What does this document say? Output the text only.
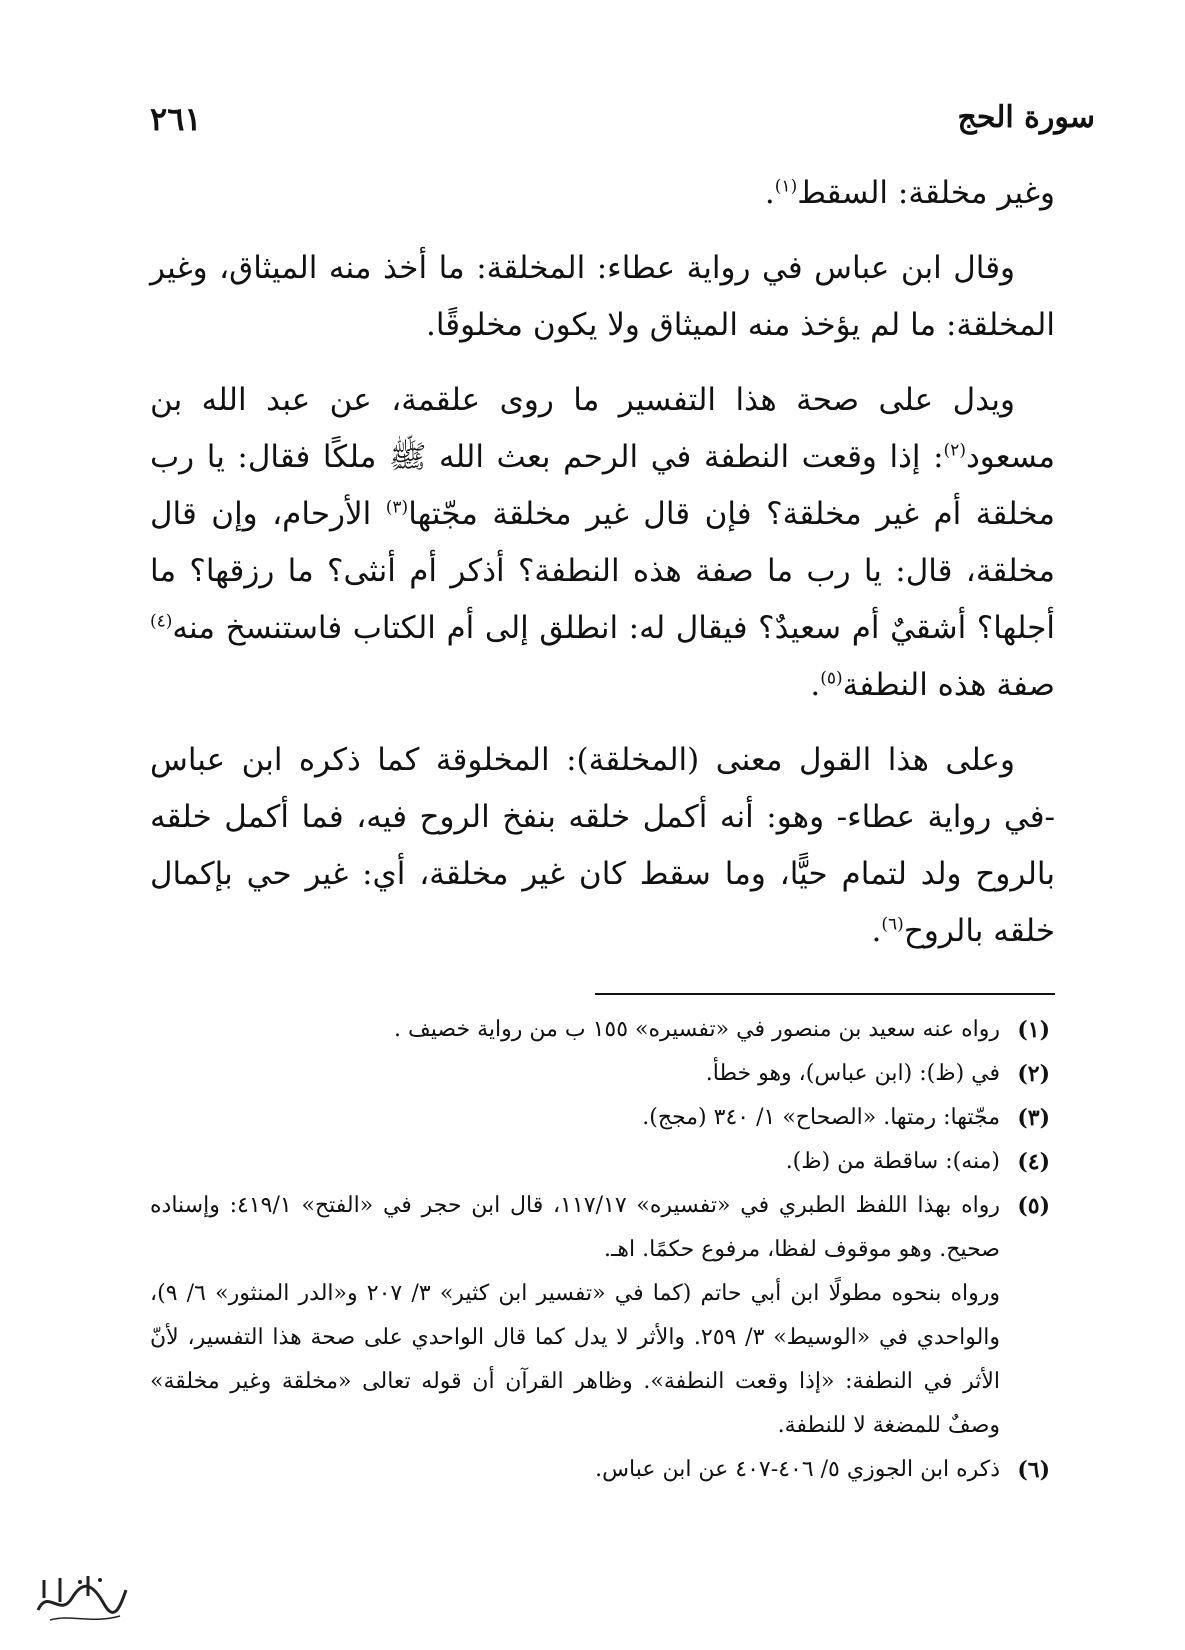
سورة الحج
٢٦١

وغير مخلقة: السقط$^{(١)}$.

وقال ابن عباس في رواية عطاء: المخلقة: ما أخذ منه الميثاق، وغير المخلقة: ما لم يؤخذ منه الميثاق ولا يكون مخلوقًا.

ويدل على صحة هذا التفسير ما روى علقمة، عن عبد الله بن مسعود$^{(٢)}$: إذا وقعت النطفة في الرحم بعث الله ﷺ ملكًا فقال: يا رب مخلقة أم غير مخلقة؟ فإن قال غير مخلقة مجّتها$^{(٣)}$ الأرحام، وإن قال مخلقة، قال: يا رب ما صفة هذه النطفة؟ أذكر أم أنثى؟ ما رزقها؟ ما أجلها؟ أشقيٌ أم سعيدٌ؟ فيقال له: انطلق إلى أم الكتاب فاستنسخ منه$^{(٤)}$ صفة هذه النطفة$^{(٥)}$.

وعلى هذا القول معنى (المخلقة): المخلوقة كما ذكره ابن عباس -في رواية عطاء- وهو: أنه أكمل خلقه بنفخ الروح فيه، فما أكمل خلقه بالروح ولد لتمام حيًّا، وما سقط كان غير مخلقة، أي: غير حي بإكمال خلقه بالروح$^{(٦)}$.

(١)

رواه عنه سعيد بن منصور في «تفسيره» ١٥٥ ب من رواية خصيف .

(٢)

في (ظ): (ابن عباس)، وهو خطأ.

(٣)

مجّتها: رمتها. «الصحاح» ١/ ٣٤٠ (مجج).

(٤)

(منه): ساقطة من (ظ).

(٥)

رواه بهذا اللفظ الطبري في «تفسيره» ١١٧/١٧، قال ابن حجر في «الفتح» ٤١٩/١: وإسناده صحيح. وهو موقوف لفظا، مرفوع حكمًا. اهـ.

ورواه بنحوه مطولًا ابن أبي حاتم (كما في «تفسير ابن كثير» ٣/ ٢٠٧ و«الدر المنثور» ٦/ ٩)، والواحدي في «الوسيط» ٣/ ٢٥٩. والأثر لا يدل كما قال الواحدي على صحة هذا التفسير، لأنّ الأثر في النطفة: «إذا وقعت النطفة». وظاهر القرآن أن قوله تعالى «مخلقة وغير مخلقة» وصفٌ للمضغة لا للنطفة.

(٦)

ذكره ابن الجوزي ٥/ ٤٠٦-٤٠٧ عن ابن عباس.
